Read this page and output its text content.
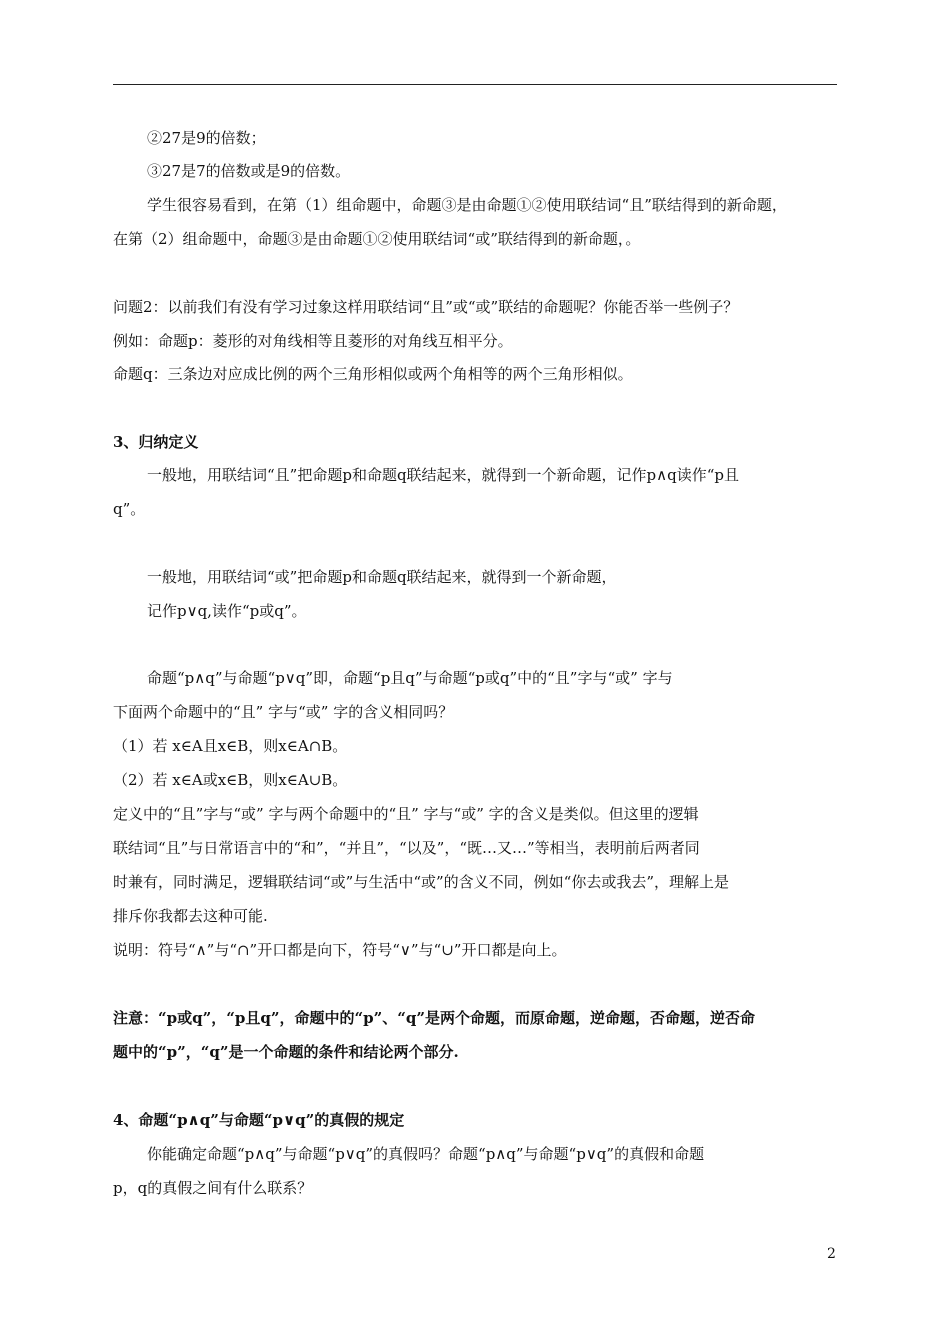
②27是9的倍数；
③27是7的倍数或是9的倍数。
学生很容易看到，在第（1）组命题中，命题③是由命题①②使用联结词“且”联结得到的新命题，
在第（2）组命题中，命题③是由命题①②使用联结词“或”联结得到的新命题，。
问题2：以前我们有没有学习过象这样用联结词“且”或“或”联结的命题呢？你能否举一些例子？
例如：命题p：菱形的对角线相等且菱形的对角线互相平分。
命题q：三条边对应成比例的两个三角形相似或两个角相等的两个三角形相似。
3、归纳定义
一般地，用联结词“且”把命题p和命题q联结起来，就得到一个新命题，记作p∧q读作“p且
q”。
一般地，用联结词“或”把命题p和命题q联结起来，就得到一个新命题，
记作p∨q,读作“p或q”。
命题“p∧q”与命题“p∨q”即，命题“p且q”与命题“p或q”中的“且”字与“或” 字与
下面两个命题中的“且” 字与“或” 字的含义相同吗？
（1）若 x∈A且x∈B，则x∈A∩B。
（2）若 x∈A或x∈B，则x∈A∪B。
定义中的“且”字与“或” 字与两个命题中的“且” 字与“或” 字的含义是类似。但这里的逻辑
联结词“且”与日常语言中的“和”，“并且”，“以及”，“既…又…”等相当，表明前后两者同
时兼有，同时满足，逻辑联结词“或”与生活中“或”的含义不同，例如“你去或我去”，理解上是
排斥你我都去这种可能.
说明：符号“∧”与“∩”开口都是向下，符号“∨”与“∪”开口都是向上。
注意：“p或q”，“p且q”，命题中的“p”、“q”是两个命题，而原命题，逆命题，否命题，逆否命
题中的“p”，“q”是一个命题的条件和结论两个部分.
4、命题“p∧q”与命题“p∨q”的真假的规定
你能确定命题“p∧q”与命题“p∨q”的真假吗？命题“p∧q”与命题“p∨q”的真假和命题
p，q的真假之间有什么联系？
2
